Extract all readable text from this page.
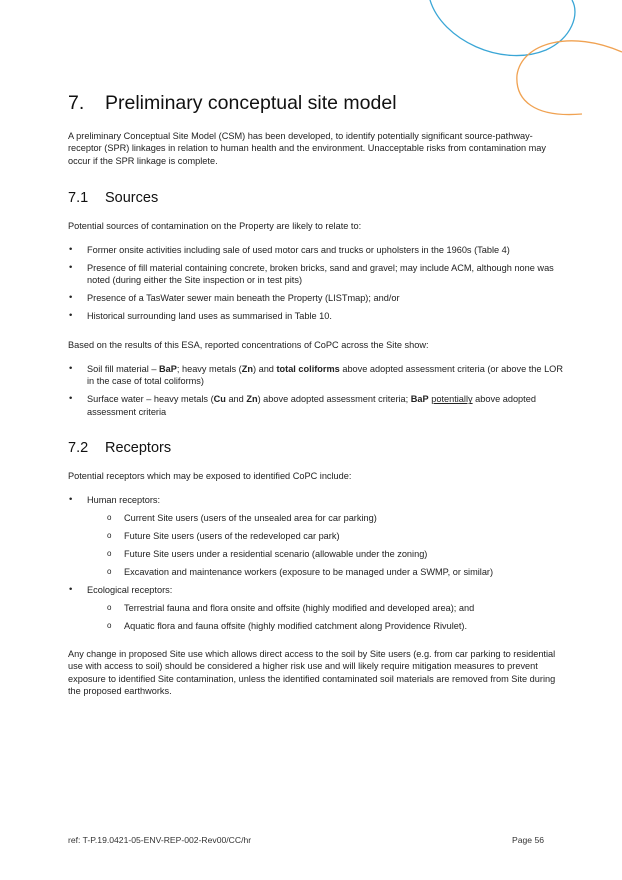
7. Preliminary conceptual site model

A preliminary Conceptual Site Model (CSM) has been developed, to identify potentially significant source-pathway-receptor (SPR) linkages in relation to human health and the environment. Unacceptable risks from contamination may occur if the SPR linkage is complete.

7.1 Sources

Potential sources of contamination on the Property are likely to relate to:

• Former onsite activities including sale of used motor cars and trucks or upholsters in the 1960s (Table 4)
• Presence of fill material containing concrete, broken bricks, sand and gravel; may include ACM, although none was noted (during either the Site inspection or in test pits)
• Presence of a TasWater sewer main beneath the Property (LISTmap); and/or
• Historical surrounding land uses as summarised in Table 10.

Based on the results of this ESA, reported concentrations of CoPC across the Site show:

• Soil fill material – BaP; heavy metals (Zn) and total coliforms above adopted assessment criteria (or above the LOR in the case of total coliforms)
• Surface water – heavy metals (Cu and Zn) above adopted assessment criteria; BaP potentially above adopted assessment criteria
7.2 Receptors

Potential receptors which may be exposed to identified CoPC include:

• Human receptors:
o Current Site users (users of the unsealed area for car parking)
o Future Site users (users of the redeveloped car park)
o Future Site users under a residential scenario (allowable under the zoning)
o Excavation and maintenance workers (exposure to be managed under a SWMP, or similar)
• Ecological receptors:
o Terrestrial fauna and flora onsite and offsite (highly modified and developed area); and
o Aquatic flora and fauna offsite (highly modified catchment along Providence Rivulet).

Any change in proposed Site use which allows direct access to the soil by Site users (e.g. from car parking to residential use with access to soil) should be considered a higher risk use and will likely require mitigation measures to prevent exposure to identified Site contamination, unless the identified contaminated soil materials are removed from Site during the proposed earthworks.

ref: T-P.19.0421-05-ENV-REP-002-Rev00/CC/hr	Page 56
